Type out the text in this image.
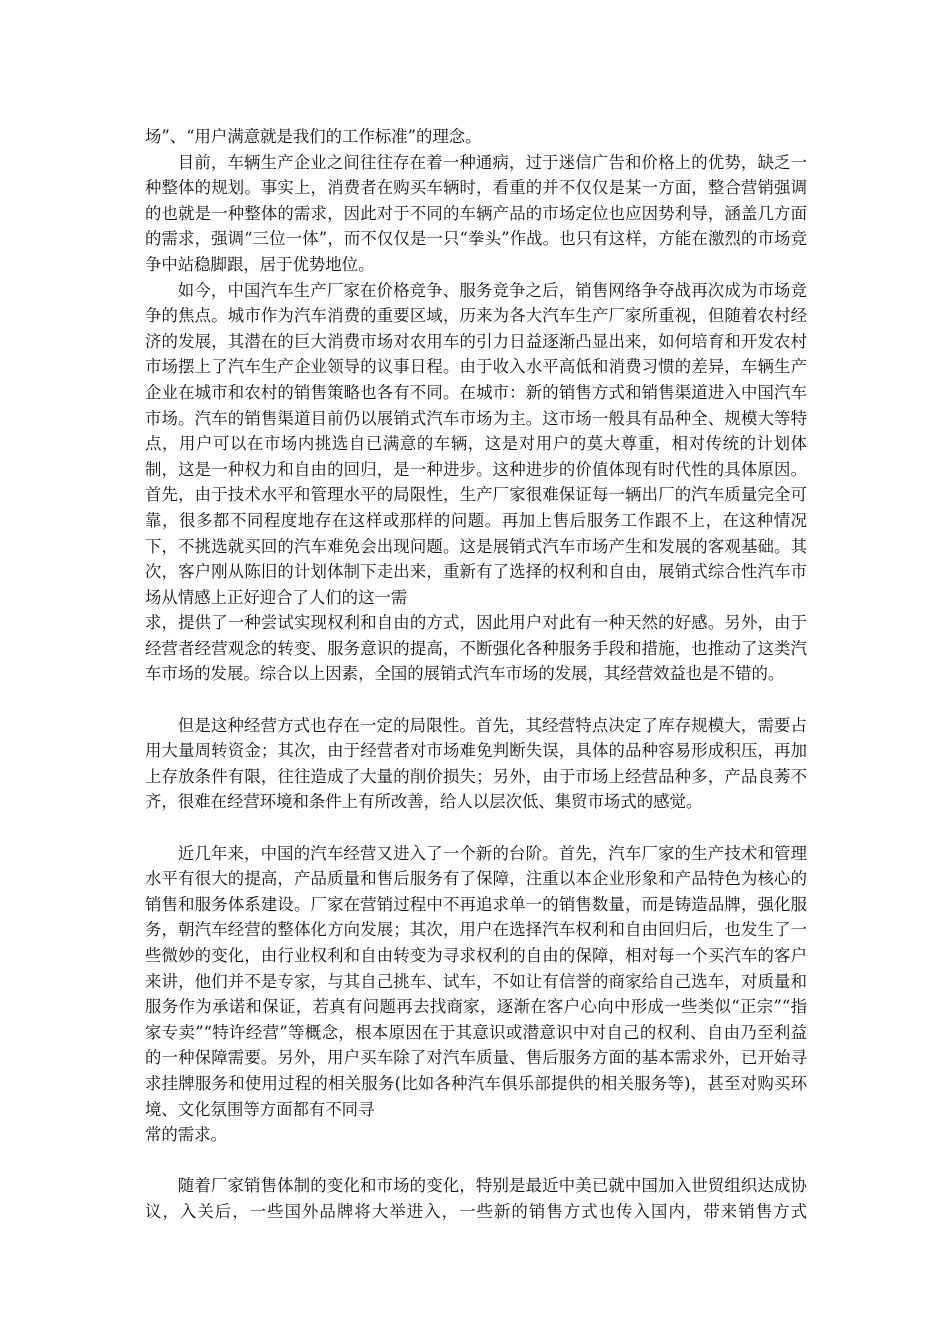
场”、“用户满意就是我们的工作标准”的理念。

目前，车辆生产企业之间往往存在着一种通病，过于迷信广告和价格上的优势，缺乏一种整体的规划。事实上，消费者在购买车辆时，看重的并不仅仅是某一方面，整合营销强调的也就是一种整体的需求，因此对于不同的车辆产品的市场定位也应因势利导，涵盖几方面的需求，强调“三位一体”，而不仅仅是一只“拳头”作战。也只有这样，方能在激烈的市场竞争中站稳脚跟，居于优势地位。

如今，中国汽车生产厂家在价格竞争、服务竞争之后，销售网络争夺战再次成为市场竞争的焦点。城市作为汽车消费的重要区域，历来为各大汽车生产厂家所重视，但随着农村经济的发展，其潜在的巨大消费市场对农用车的引力日益逐渐凸显出来，如何培育和开发农村市场摆上了汽车生产企业领导的议事日程。由于收入水平高低和消费习惯的差异，车辆生产企业在城市和农村的销售策略也各有不同。在城市：新的销售方式和销售渠道进入中国汽车市场。汽车的销售渠道目前仍以展销式汽车市场为主。这市场一般具有品种全、规模大等特点，用户可以在市场内挑选自已满意的车辆，这是对用户的莫大尊重，相对传统的计划体制，这是一种权力和自由的回归，是一种进步。这种进步的价值体现有时代性的具体原因。首先，由于技术水平和管理水平的局限性，生产厂家很难保证每一辆出厂的汽车质量完全可靠，很多都不同程度地存在这样或那样的问题。再加上售后服务工作跟不上，在这种情况下，不挑选就买回的汽车难免会出现问题。这是展销式汽车市场产生和发展的客观基础。其次，客户刚从陈旧的计划体制下走出来，重新有了选择的权利和自由，展销式综合性汽车市场从情感上正好迎合了人们的这一需

求，提供了一种尝试实现权利和自由的方式，因此用户对此有一种天然的好感。另外，由于经营者经营观念的转变、服务意识的提高，不断强化各种服务手段和措施，也推动了这类汽车市场的发展。综合以上因素，全国的展销式汽车市场的发展，其经营效益也是不错的。

但是这种经营方式也存在一定的局限性。首先，其经营特点决定了库存规模大，需要占用大量周转资金；其次，由于经营者对市场难免判断失误，具体的品种容易形成积压，再加上存放条件有限，往往造成了大量的削价损失；另外，由于市场上经营品种多，产品良莠不齐，很难在经营环境和条件上有所改善，给人以层次低、集贸市场式的感觉。

近几年来，中国的汽车经营又进入了一个新的台阶。首先，汽车厂家的生产技术和管理水平有很大的提高，产品质量和售后服务有了保障，注重以本企业形象和产品特色为核心的销售和服务体系建设。厂家在营销过程中不再追求单一的销售数量，而是铸造品牌，强化服务，朝汽车经营的整体化方向发展；其次，用户在选择汽车权利和自由回归后，也发生了一些微妙的变化，由行业权利和自由转变为寻求权利的自由的保障，相对每一个买汽车的客户来讲，他们并不是专家，与其自己挑车、试车，不如让有信誉的商家给自己选车，对质量和服务作为承诺和保证，若真有问题再去找商家，逐渐在客户心向中形成一些类似“正宗”“指家专卖”“特许经营”等概念，根本原因在于其意识或潜意识中对自己的权利、自由乃至利益的一种保障需要。另外，用户买车除了对汽车质量、售后服务方面的基本需求外，已开始寻求挂牌服务和使用过程的相关服务(比如各种汽车俱乐部提供的相关服务等)，甚至对购买环境、文化氛围等方面都有不同寻

常的需求。

随着厂家销售体制的变化和市场的变化，特别是最近中美已就中国加入世贸组织达成协议，入关后，一些国外品牌将大举进入，一些新的销售方式也传入国内，带来销售方式
